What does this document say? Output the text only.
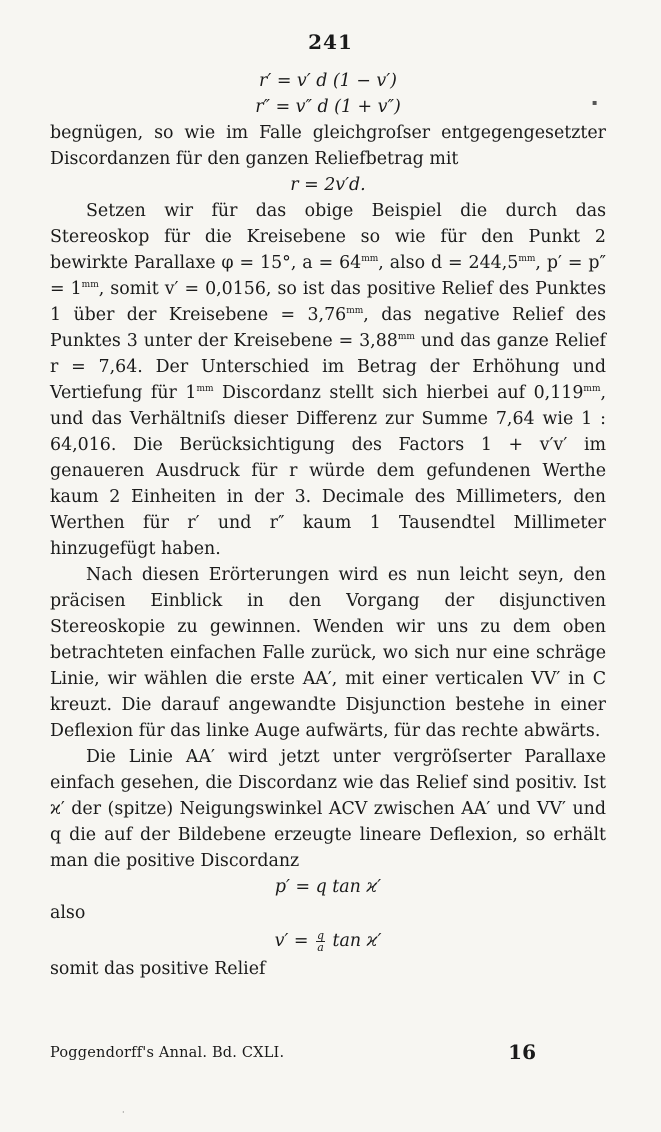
241

r′ = v′ d (1 − v′)

r″ = v″ d (1 + v″)

begnügen, so wie im Falle gleichgroſser entgegengesetzter Discordanzen für den ganzen Reliefbetrag mit

r = 2v′d.

Setzen wir für das obige Beispiel die durch das Stereoskop für die Kreisebene so wie für den Punkt 2 bewirkte Parallaxe φ = 15°, $a = 64^{mm}$, also $d = 244,5^{mm}$, $p' = p'' = 1^{mm}$, somit v′ = 0,0156, so ist das positive Relief des Punktes 1 über der Kreisebene = $3,76^{mm}$, das negative Relief des Punktes 3 unter der Kreisebene = $3,88^{mm}$ und das ganze Relief r = 7,64. Der Unterschied im Betrag der Erhöhung und Vertiefung für $1^{mm}$ Discordanz stellt sich hierbei auf $0,119^{mm}$, und das Verhältniſs dieser Differenz zur Summe 7,64 wie 1 : 64,016. Die Berücksichtigung des Factors 1 + v′v′ im genaueren Ausdruck für r würde dem gefundenen Werthe kaum 2 Einheiten in der 3. Decimale des Millimeters, den Werthen für r′ und r″ kaum 1 Tausendtel Millimeter hinzugefügt haben.

Nach diesen Erörterungen wird es nun leicht seyn, den präcisen Einblick in den Vorgang der disjunctiven Stereoskopie zu gewinnen. Wenden wir uns zu dem oben betrachteten einfachen Falle zurück, wo sich nur eine schräge Linie, wir wählen die erste AA′, mit einer verticalen VV′ in C kreuzt. Die darauf angewandte Disjunction bestehe in einer Deflexion für das linke Auge aufwärts, für das rechte abwärts.

Die Linie AA′ wird jetzt unter vergröſserter Parallaxe einfach gesehen, die Discordanz wie das Relief sind positiv. Ist ϰ′ der (spitze) Neigungswinkel ACV zwischen AA′ und VV′ und q die auf der Bildebene erzeugte lineare Deflexion, so erhält man die positive Discordanz

p′ = q tan ϰ′

also

$v' = \frac{q}{a}$ tan ϰ′

somit das positive Relief

Poggendorff's Annal. Bd. CXLI.	16
▪
·
